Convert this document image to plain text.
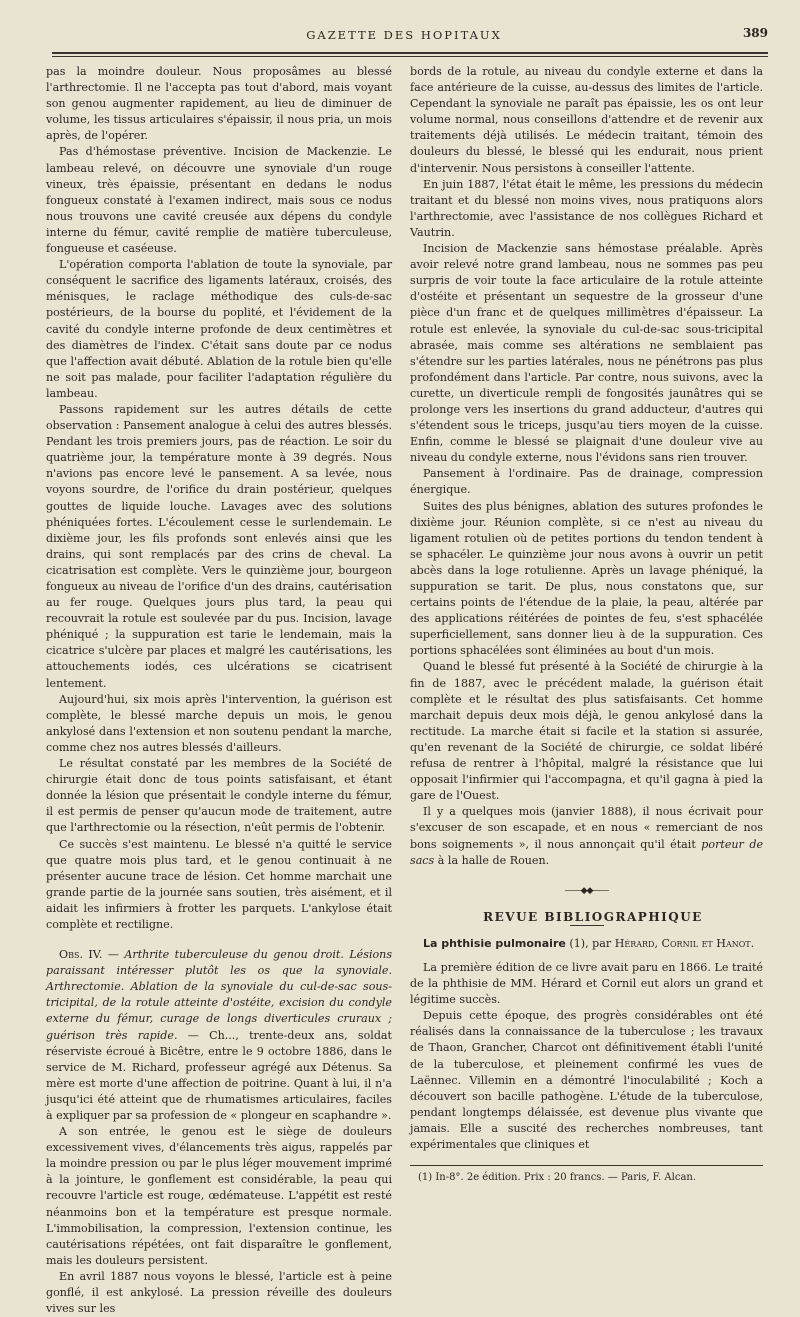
GAZETTE DES HOPITAUX	389

pas la moindre douleur. Nous proposâmes au blessé l'arthrectomie. Il ne l'accepta pas tout d'abord, mais voyant son genou augmenter rapidement, au lieu de diminuer de volume, les tissus articulaires s'épaissir, il nous pria, un mois après, de l'opérer.

Pas d'hémostase préventive. Incision de Mackenzie. Le lambeau relevé, on découvre une synoviale d'un rouge vineux, très épaissie, présentant en dedans le nodus fongueux constaté à l'examen indirect, mais sous ce nodus nous trouvons une cavité creusée aux dépens du condyle interne du fémur, cavité remplie de matière tuberculeuse, fongueuse et caséeuse.

L'opération comporta l'ablation de toute la synoviale, par conséquent le sacrifice des ligaments latéraux, croisés, des ménisques, le raclage méthodique des culs-de-sac postérieurs, de la bourse du poplité, et l'évidement de la cavité du condyle interne profonde de deux centimètres et des diamètres de l'index. C'était sans doute par ce nodus que l'affection avait débuté. Ablation de la rotule bien qu'elle ne soit pas malade, pour faciliter l'adaptation régulière du lambeau.

Passons rapidement sur les autres détails de cette observation : Pansement analogue à celui des autres blessés. Pendant les trois premiers jours, pas de réaction. Le soir du quatrième jour, la température monte à 39 degrés. Nous n'avions pas encore levé le pansement. A sa levée, nous voyons sourdre, de l'orifice du drain postérieur, quelques gouttes de liquide louche. Lavages avec des solutions phéniquées fortes. L'écoulement cesse le surlendemain. Le dixième jour, les fils profonds sont enlevés ainsi que les drains, qui sont remplacés par des crins de cheval. La cicatrisation est complète. Vers le quinzième jour, bourgeon fongueux au niveau de l'orifice d'un des drains, cautérisation au fer rouge. Quelques jours plus tard, la peau qui recouvrait la rotule est soulevée par du pus. Incision, lavage phéniqué ; la suppuration est tarie le lendemain, mais la cicatrice s'ulcère par places et malgré les cautérisations, les attouchements iodés, ces ulcérations se cicatrisent lentement.

Aujourd'hui, six mois après l'intervention, la guérison est complète, le blessé marche depuis un mois, le genou ankylosé dans l'extension et non soutenu pendant la marche, comme chez nos autres blessés d'ailleurs.

Le résultat constaté par les membres de la Société de chirurgie était donc de tous points satisfaisant, et étant donnée la lésion que présentait le condyle interne du fémur, il est permis de penser qu'aucun mode de traitement, autre que l'arthrectomie ou la résection, n'eût permis de l'obtenir.

Ce succès s'est maintenu. Le blessé n'a quitté le service que quatre mois plus tard, et le genou continuait à ne présenter aucune trace de lésion. Cet homme marchait une grande partie de la journée sans soutien, très aisément, et il aidait les infirmiers à frotter les parquets. L'ankylose était complète et rectiligne.

Obs. IV. — Arthrite tuberculeuse du genou droit. Lésions paraissant intéresser plutôt les os que la synoviale. Arthrectomie. Ablation de la synoviale du cul-de-sac sous-tricipital, de la rotule atteinte d'ostéite, excision du condyle externe du fémur, curage de longs diverticules cruraux ; guérison très rapide. — Ch..., trente-deux ans, soldat réserviste écroué à Bicêtre, entre le 9 octobre 1886, dans le service de M. Richard, professeur agrégé aux Détenus. Sa mère est morte d'une affection de poitrine. Quant à lui, il n'a jusqu'ici été atteint que de rhumatismes articulaires, faciles à expliquer par sa profession de « plongeur en scaphandre ».

A son entrée, le genou est le siège de douleurs excessivement vives, d'élancements très aigus, rappelés par la moindre pression ou par le plus léger mouvement imprimé à la jointure, le gonflement est considérable, la peau qui recouvre l'article est rouge, œdémateuse. L'appétit est resté néanmoins bon et la température est presque normale. L'immobilisation, la compression, l'extension continue, les cautérisations répétées, ont fait disparaître le gonflement, mais les douleurs persistent.

En avril 1887 nous voyons le blessé, l'article est à peine gonflé, il est ankylosé. La pression réveille des douleurs vives sur les

bords de la rotule, au niveau du condyle externe et dans la face antérieure de la cuisse, au-dessus des limites de l'article. Cependant la synoviale ne paraît pas épaissie, les os ont leur volume normal, nous conseillons d'attendre et de revenir aux traitements déjà utilisés. Le médecin traitant, témoin des douleurs du blessé, le blessé qui les endurait, nous prient d'intervenir. Nous persistons à conseiller l'attente.

En juin 1887, l'état était le même, les pressions du médecin traitant et du blessé non moins vives, nous pratiquons alors l'arthrectomie, avec l'assistance de nos collègues Richard et Vautrin.

Incision de Mackenzie sans hémostase préalable. Après avoir relevé notre grand lambeau, nous ne sommes pas peu surpris de voir toute la face articulaire de la rotule atteinte d'ostéite et présentant un sequestre de la grosseur d'une pièce d'un franc et de quelques millimètres d'épaisseur. La rotule est enlevée, la synoviale du cul-de-sac sous-tricipital abrasée, mais comme ses altérations ne semblaient pas s'étendre sur les parties latérales, nous ne pénétrons pas plus profondément dans l'article. Par contre, nous suivons, avec la curette, un diverticule rempli de fongosités jaunâtres qui se prolonge vers les insertions du grand adducteur, d'autres qui s'étendent sous le triceps, jusqu'au tiers moyen de la cuisse. Enfin, comme le blessé se plaignait d'une douleur vive au niveau du condyle externe, nous l'évidons sans rien trouver.

Pansement à l'ordinaire. Pas de drainage, compression énergique.

Suites des plus bénignes, ablation des sutures profondes le dixième jour. Réunion complète, si ce n'est au niveau du ligament rotulien où de petites portions du tendon tendent à se sphacéler. Le quinzième jour nous avons à ouvrir un petit abcès dans la loge rotulienne. Après un lavage phéniqué, la suppuration se tarit. De plus, nous constatons que, sur certains points de l'étendue de la plaie, la peau, altérée par des applications réitérées de pointes de feu, s'est sphacélée superficiellement, sans donner lieu à de la suppuration. Ces portions sphacélées sont éliminées au bout d'un mois.

Quand le blessé fut présenté à la Société de chirurgie à la fin de 1887, avec le précédent malade, la guérison était complète et le résultat des plus satisfaisants. Cet homme marchait depuis deux mois déjà, le genou ankylosé dans la rectitude. La marche était si facile et la station si assurée, qu'en revenant de la Société de chirurgie, ce soldat libéré refusa de rentrer à l'hôpital, malgré la résistance que lui opposait l'infirmier qui l'accompagna, et qu'il gagna à pied la gare de l'Ouest.

Il y a quelques mois (janvier 1888), il nous écrivait pour s'excuser de son escapade, et en nous « remerciant de nos bons soignements », il nous annonçait qu'il était porteur de sacs à la halle de Rouen.

——◆◆——

REVUE BIBLIOGRAPHIQUE

La phthisie pulmonaire (1), par Hérard, Cornil et Hanot.

La première édition de ce livre avait paru en 1866. Le traité de la phthisie de MM. Hérard et Cornil eut alors un grand et légitime succès.

Depuis cette époque, des progrès considérables ont été réalisés dans la connaissance de la tuberculose ; les travaux de Thaon, Grancher, Charcot ont définitivement établi l'unité de la tuberculose, et pleinement confirmé les vues de Laënnec. Villemin en a démontré l'inoculabilité ; Koch a découvert son bacille pathogène. L'étude de la tuberculose, pendant longtemps délaissée, est devenue plus vivante que jamais. Elle a suscité des recherches nombreuses, tant expérimentales que cliniques et

(1) In-8°. 2e édition. Prix : 20 francs. — Paris, F. Alcan.
